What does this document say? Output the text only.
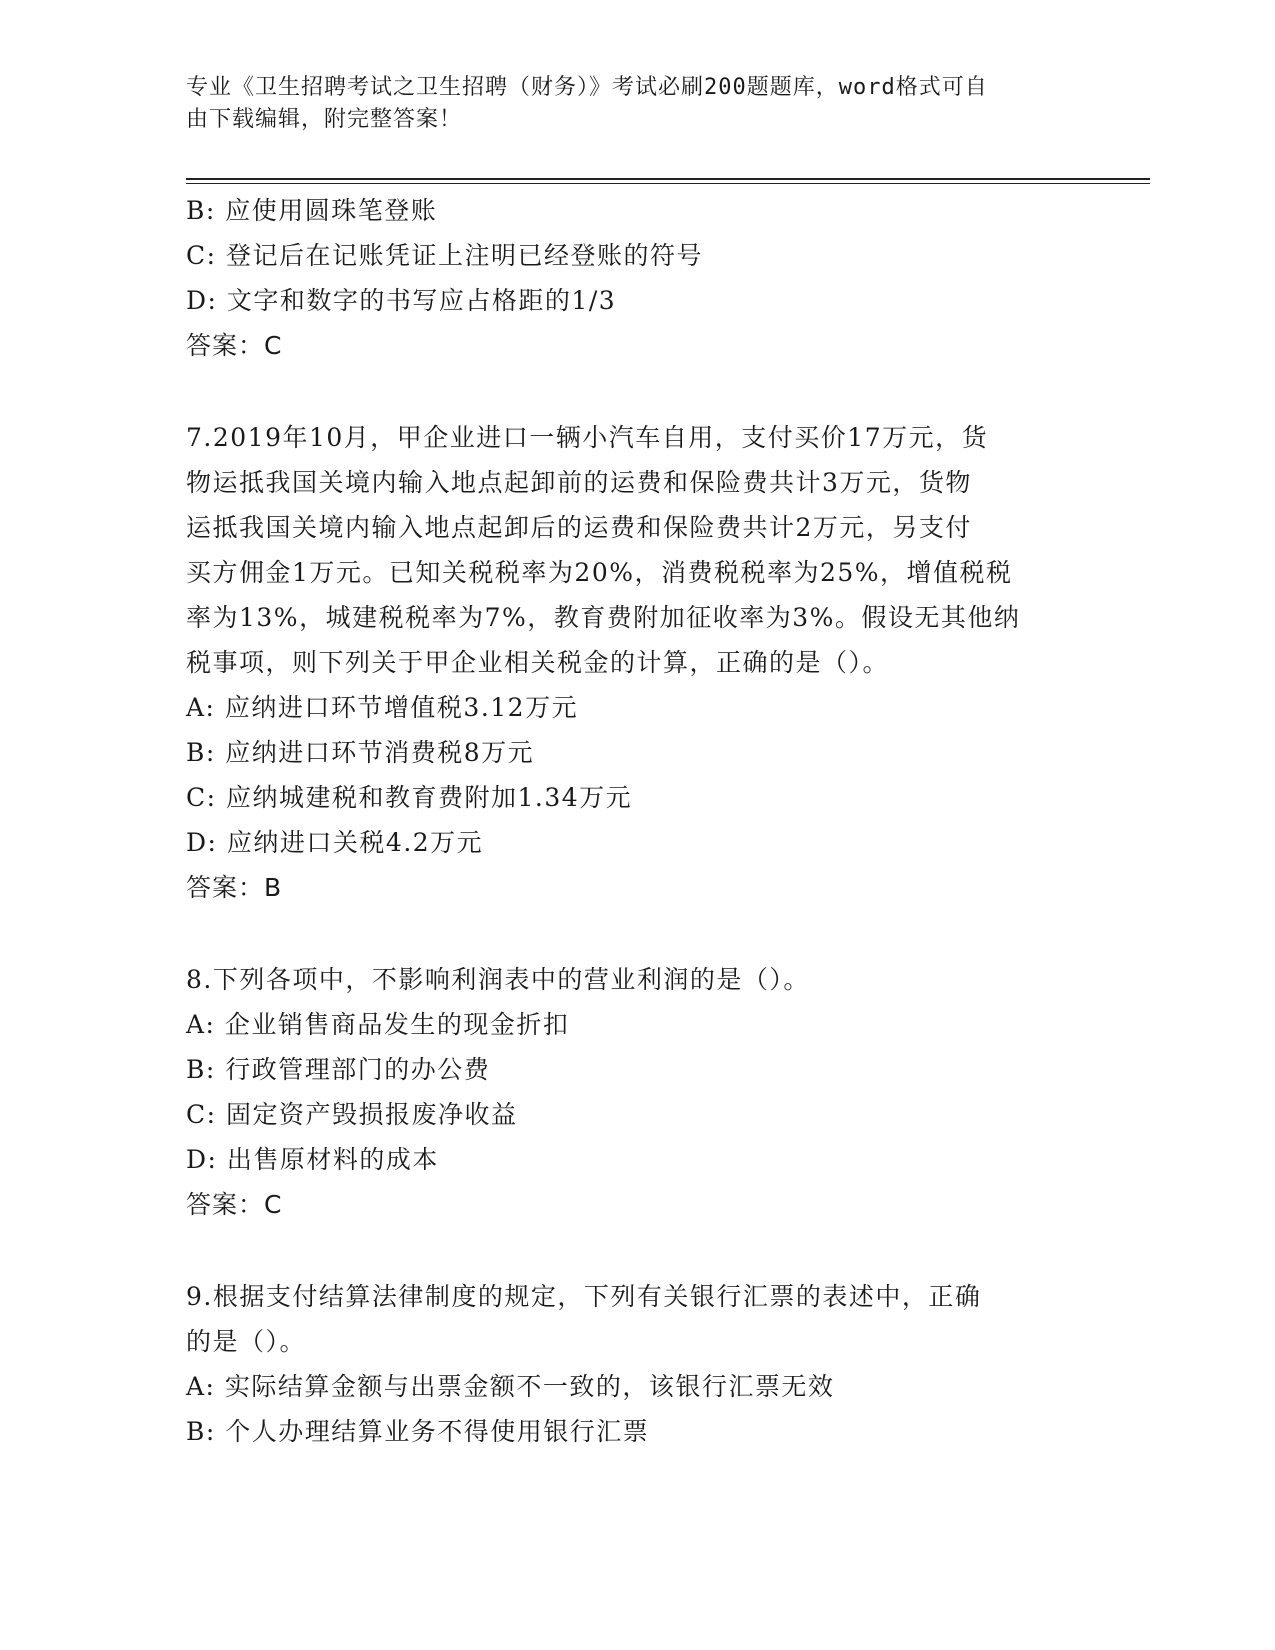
专业《卫生招聘考试之卫生招聘（财务）》考试必刷200题题库，word格式可自
由下载编辑，附完整答案！
B: 应使用圆珠笔登账
C: 登记后在记账凭证上注明已经登账的符号
D: 文字和数字的书写应占格距的1/3
答案：C
7.2019年10月，甲企业进口一辆小汽车自用，支付买价17万元，货
物运抵我国关境内输入地点起卸前的运费和保险费共计3万元，货物
运抵我国关境内输入地点起卸后的运费和保险费共计2万元，另支付
买方佣金1万元。已知关税税率为20%，消费税税率为25%，增值税税
率为13%，城建税税率为7%，教育费附加征收率为3%。假设无其他纳
税事项，则下列关于甲企业相关税金的计算，正确的是（）。
A: 应纳进口环节增值税3.12万元
B: 应纳进口环节消费税8万元
C: 应纳城建税和教育费附加1.34万元
D: 应纳进口关税4.2万元
答案：B
8.下列各项中，不影响利润表中的营业利润的是（）。
A: 企业销售商品发生的现金折扣
B: 行政管理部门的办公费
C: 固定资产毁损报废净收益
D: 出售原材料的成本
答案：C
9.根据支付结算法律制度的规定，下列有关银行汇票的表述中，正确
的是（）。
A: 实际结算金额与出票金额不一致的，该银行汇票无效
B: 个人办理结算业务不得使用银行汇票
